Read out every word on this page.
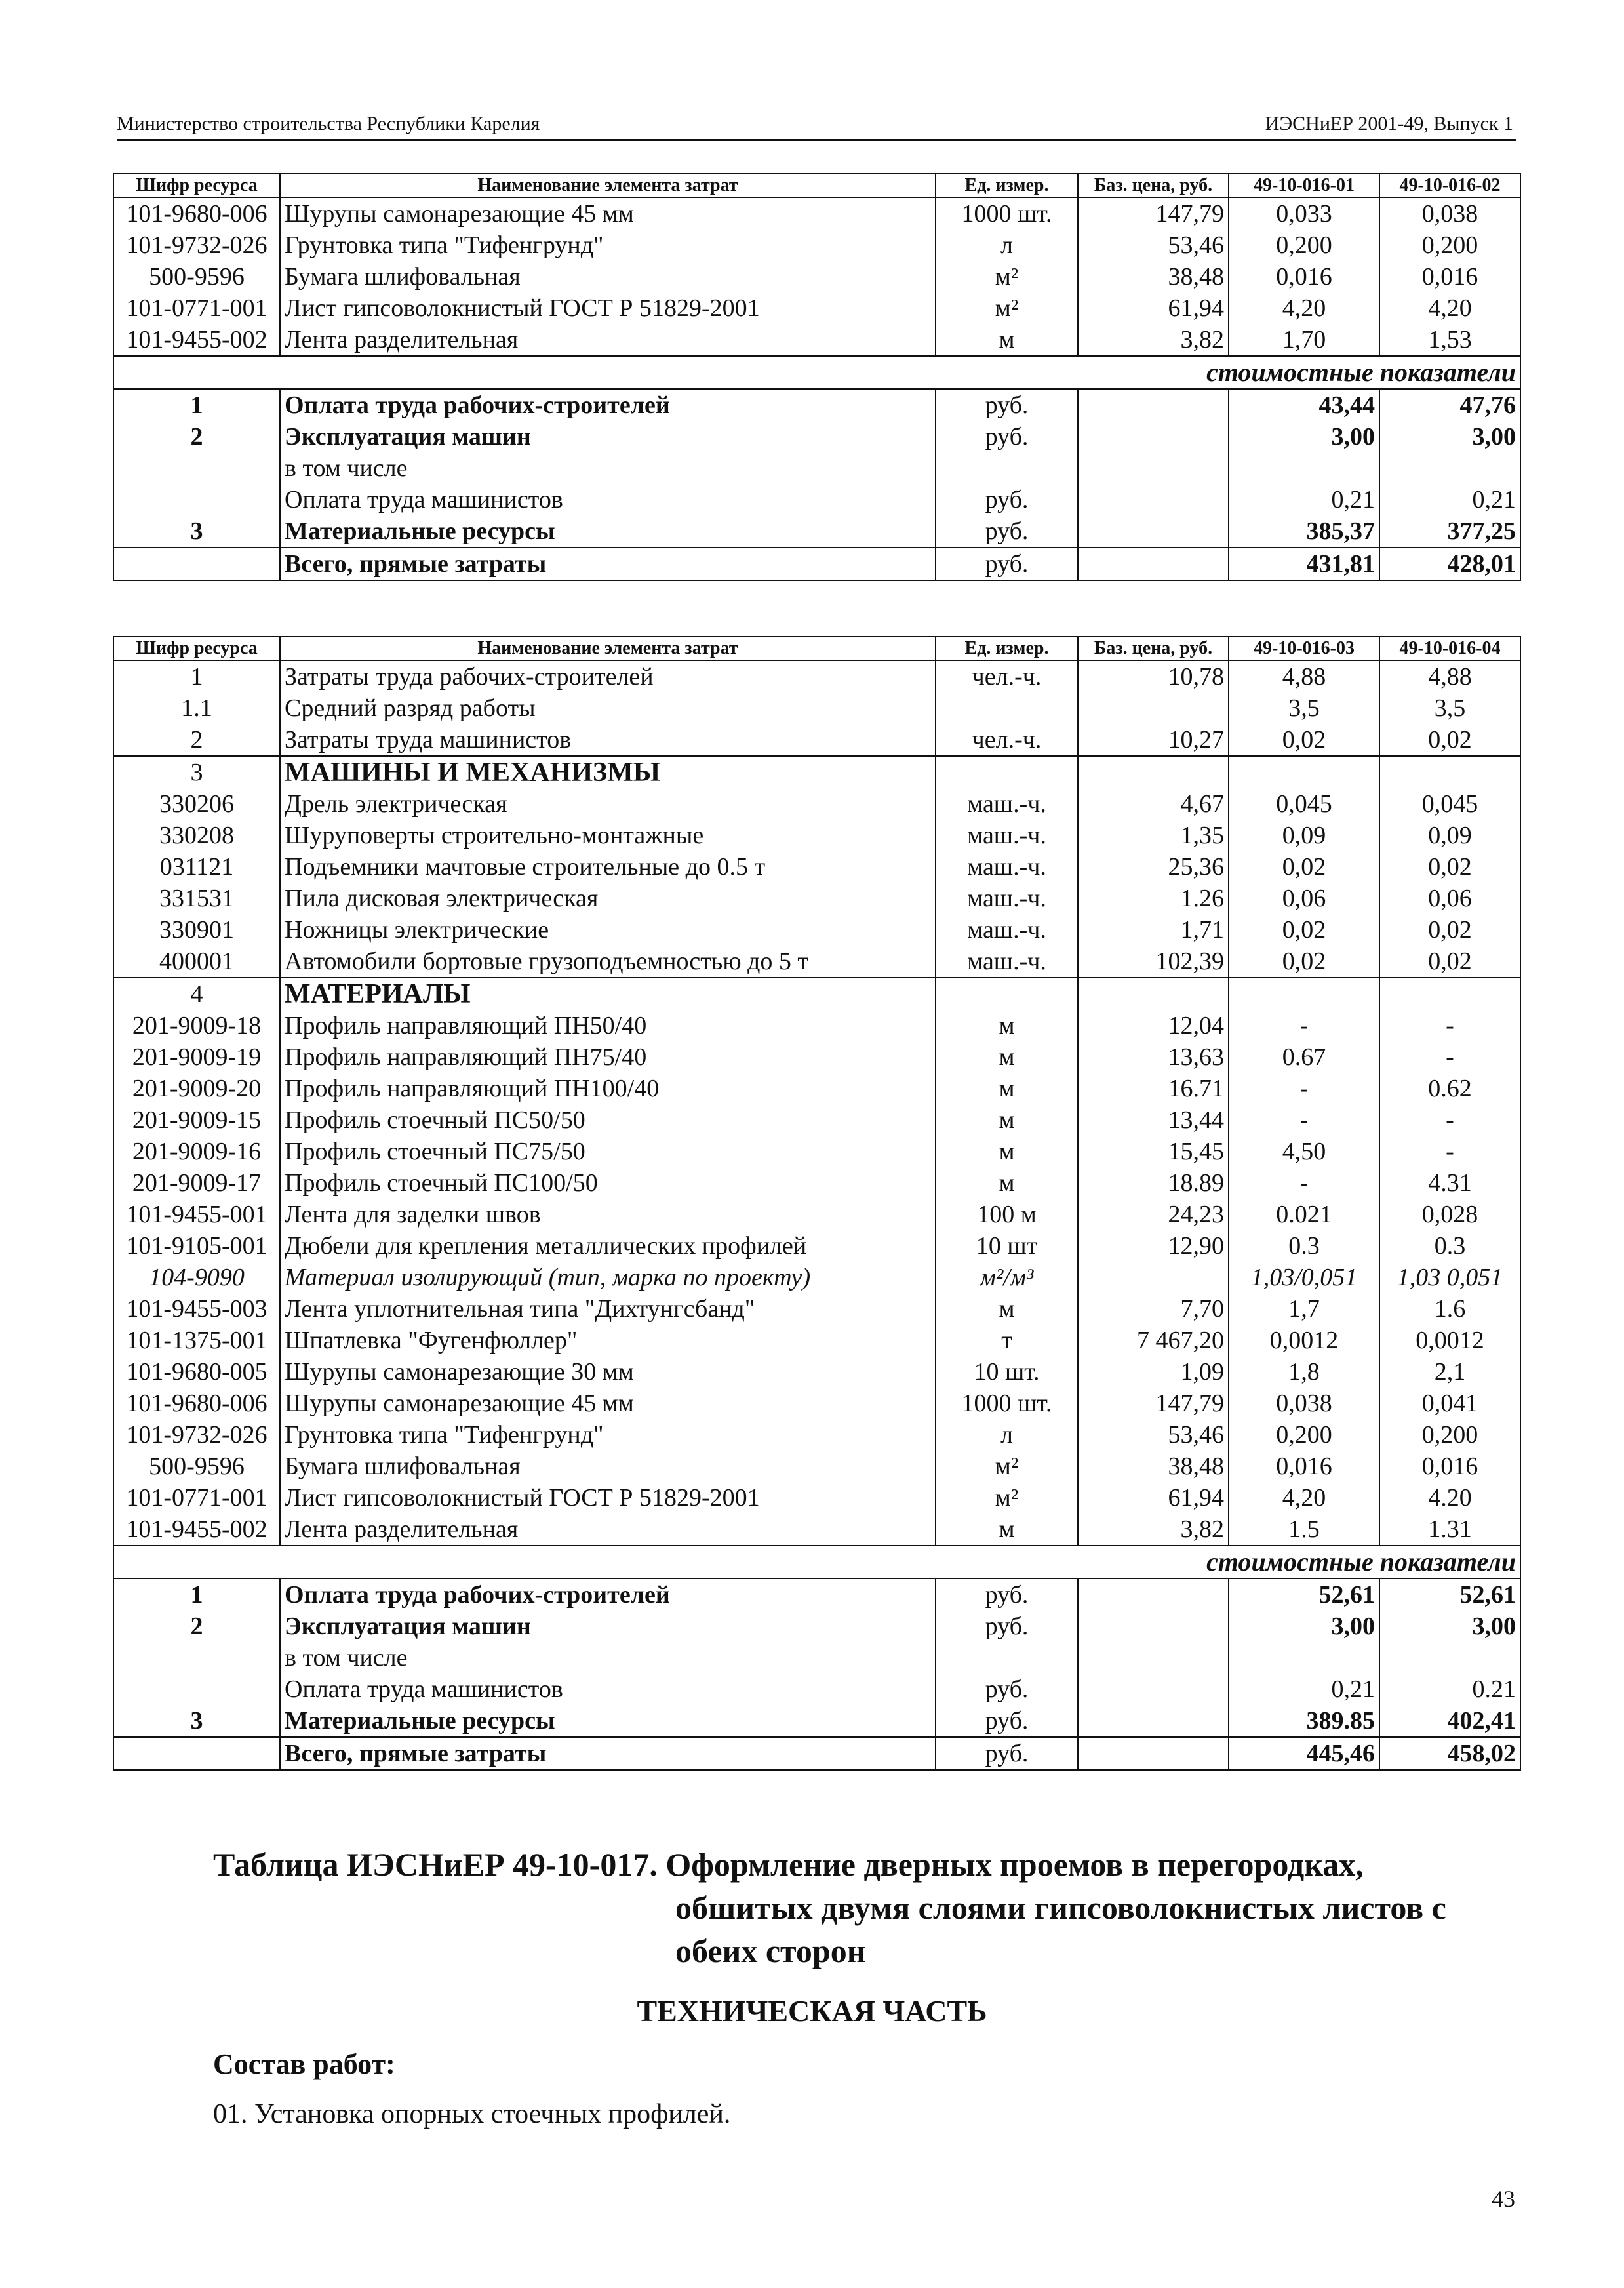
Министерство строительства Республики Карелия	ИЭСНиЕР 2001-49, Выпуск 1
Шифр ресурса	Наименование элемента затрат	Ед. измер.	Баз. цена, руб.	49-10-016-01	49-10-016-02
101-9680-006	Шурупы самонарезающие 45 мм	1000 шт.	147,79	0,033	0,038
101-9732-026	Грунтовка типа "Тифенгрунд"	л	53,46	0,200	0,200
500-9596	Бумага шлифовальная	м²	38,48	0,016	0,016
101-0771-001	Лист гипсоволокнистый ГОСТ Р 51829-2001	м²	61,94	4,20	4,20
101-9455-002	Лента разделительная	м	3,82	1,70	1,53
стоимостные показатели					
1	Оплата труда рабочих-строителей	руб.		43,44	47,76
2	Эксплуатация машин	руб.		3,00	3,00
	в том числе				
	Оплата труда машинистов	руб.		0,21	0,21
3	Материальные ресурсы	руб.		385,37	377,25
	Всего, прямые затраты	руб.		431,81	428,01
Шифр ресурса	Наименование элемента затрат	Ед. измер.	Баз. цена, руб.	49-10-016-03	49-10-016-04
1	Затраты труда рабочих-строителей	чел.-ч.	10,78	4,88	4,88
1.1	Средний разряд работы			3,5	3,5
2	Затраты труда машинистов	чел.-ч.	10,27	0,02	0,02
3	МАШИНЫ И МЕХАНИЗМЫ				
330206	Дрель электрическая	маш.-ч.	4,67	0,045	0,045
330208	Шуруповерты строительно-монтажные	маш.-ч.	1,35	0,09	0,09
031121	Подъемники мачтовые строительные до 0.5 т	маш.-ч.	25,36	0,02	0,02
331531	Пила дисковая электрическая	маш.-ч.	1.26	0,06	0,06
330901	Ножницы электрические	маш.-ч.	1,71	0,02	0,02
400001	Автомобили бортовые грузоподъемностью до 5 т	маш.-ч.	102,39	0,02	0,02
4	МАТЕРИАЛЫ				
201-9009-18	Профиль направляющий ПН50/40	м	12,04	-	-
201-9009-19	Профиль направляющий ПН75/40	м	13,63	0.67	-
201-9009-20	Профиль направляющий ПН100/40	м	16.71	-	0.62
201-9009-15	Профиль стоечный ПС50/50	м	13,44	-	-
201-9009-16	Профиль стоечный ПС75/50	м	15,45	4,50	-
201-9009-17	Профиль стоечный ПС100/50	м	18.89	-	4.31
101-9455-001	Лента для заделки швов	100 м	24,23	0.021	0,028
101-9105-001	Дюбели для крепления металлических профилей	10 шт	12,90	0.3	0.3
104-9090	Материал изолирующий (тип, марка по проекту)	м²/м³		1,03/0,051	1,03 0,051
101-9455-003	Лента уплотнительная типа "Дихтунгсбанд"	м	7,70	1,7	1.6
101-1375-001	Шпатлевка "Фугенфюллер"	т	7 467,20	0,0012	0,0012
101-9680-005	Шурупы самонарезающие 30 мм	10 шт.	1,09	1,8	2,1
101-9680-006	Шурупы самонарезающие 45 мм	1000 шт.	147,79	0,038	0,041
101-9732-026	Грунтовка типа "Тифенгрунд"	л	53,46	0,200	0,200
500-9596	Бумага шлифовальная	м²	38,48	0,016	0,016
101-0771-001	Лист гипсоволокнистый ГОСТ Р 51829-2001	м²	61,94	4,20	4.20
101-9455-002	Лента разделительная	м	3,82	1.5	1.31
стоимостные показатели					
1	Оплата труда рабочих-строителей	руб.		52,61	52,61
2	Эксплуатация машин	руб.		3,00	3,00
	в том числе				
	Оплата труда машинистов	руб.		0,21	0.21
3	Материальные ресурсы	руб.		389.85	402,41
	Всего, прямые затраты	руб.		445,46	458,02
Таблица ИЭСНиЕР 49-10-017. Оформление дверных проемов в перегородках,
обшитых двумя слоями гипсоволокнистых листов с
обеих сторон
ТЕХНИЧЕСКАЯ ЧАСТЬ
Состав работ:
01. Установка опорных стоечных профилей.
43
